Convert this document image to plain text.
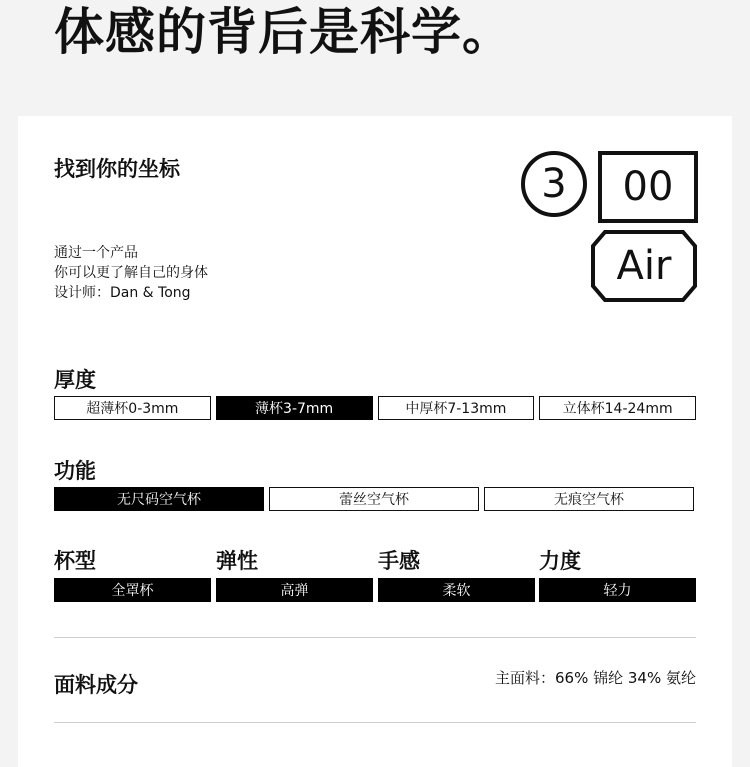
体感的背后是科学。
找到你的坐标
通过一个产品
你可以更了解自己的身体
设计师：Dan & Tong
3	00
Air
厚度
超薄杯0-3mm	薄杯3-7mm	中厚杯7-13mm	立体杯14-24mm
功能
无尺码空气杯	蕾丝空气杯	无痕空气杯
杯型	弹性	手感	力度
全罩杯	高弹	柔软	轻力
面料成分	主面料：66% 锦纶 34% 氨纶
